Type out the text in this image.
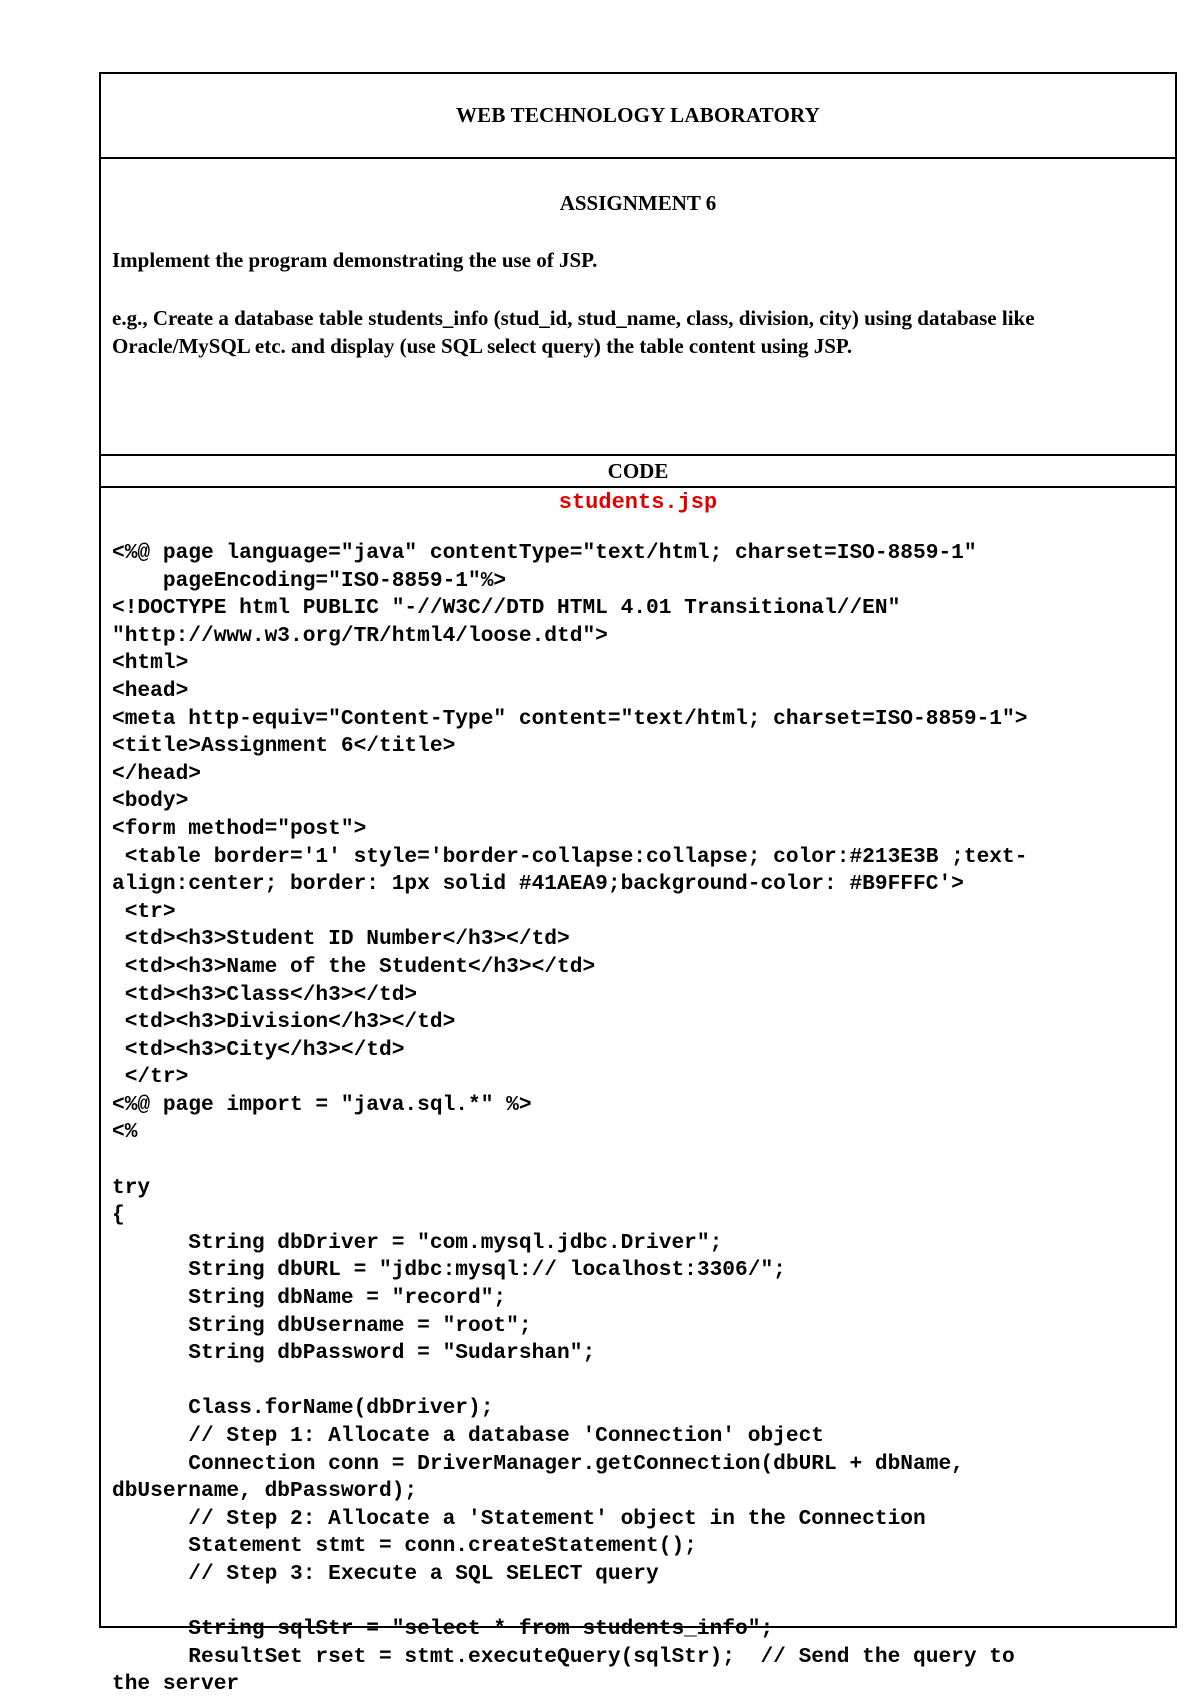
WEB TECHNOLOGY LABORATORY
ASSIGNMENT 6
Implement the program demonstrating the use of JSP.
e.g., Create a database table students_info (stud_id, stud_name, class, division, city) using database like Oracle/MySQL etc. and display (use SQL select query) the table content using JSP.
CODE
students.jsp
<%@ page language="java" contentType="text/html; charset=ISO-8859-1"
pageEncoding="ISO-8859-1"%>
<!DOCTYPE html PUBLIC "-//W3C//DTD HTML 4.01 Transitional//EN"
"http://www.w3.org/TR/html4/loose.dtd">
<html>
<head>
<meta http-equiv="Content-Type" content="text/html; charset=ISO-8859-1">
<title>Assignment 6</title>
</head>
<body>
<form method="post">
<table border='1' style='border-collapse:collapse; color:#213E3B ;text-
align:center; border: 1px solid #41AEA9;background-color: #B9FFFC'>
<tr>
<td><h3>Student ID Number</h3></td>
<td><h3>Name of the Student</h3></td>
<td><h3>Class</h3></td>
<td><h3>Division</h3></td>
<td><h3>City</h3></td>
</tr>
<%@ page import = "java.sql.*" %>
<%
try
{
String dbDriver = "com.mysql.jdbc.Driver";
String dbURL = "jdbc:mysql:// localhost:3306/";
String dbName = "record";
String dbUsername = "root";
String dbPassword = "Sudarshan";
Class.forName(dbDriver);
// Step 1: Allocate a database 'Connection' object
Connection conn = DriverManager.getConnection(dbURL + dbName,
dbUsername, dbPassword);
// Step 2: Allocate a 'Statement' object in the Connection
Statement stmt = conn.createStatement();
// Step 3: Execute a SQL SELECT query
String sqlStr = "select * from students_info";
ResultSet rset = stmt.executeQuery(sqlStr);  // Send the query to
the server
